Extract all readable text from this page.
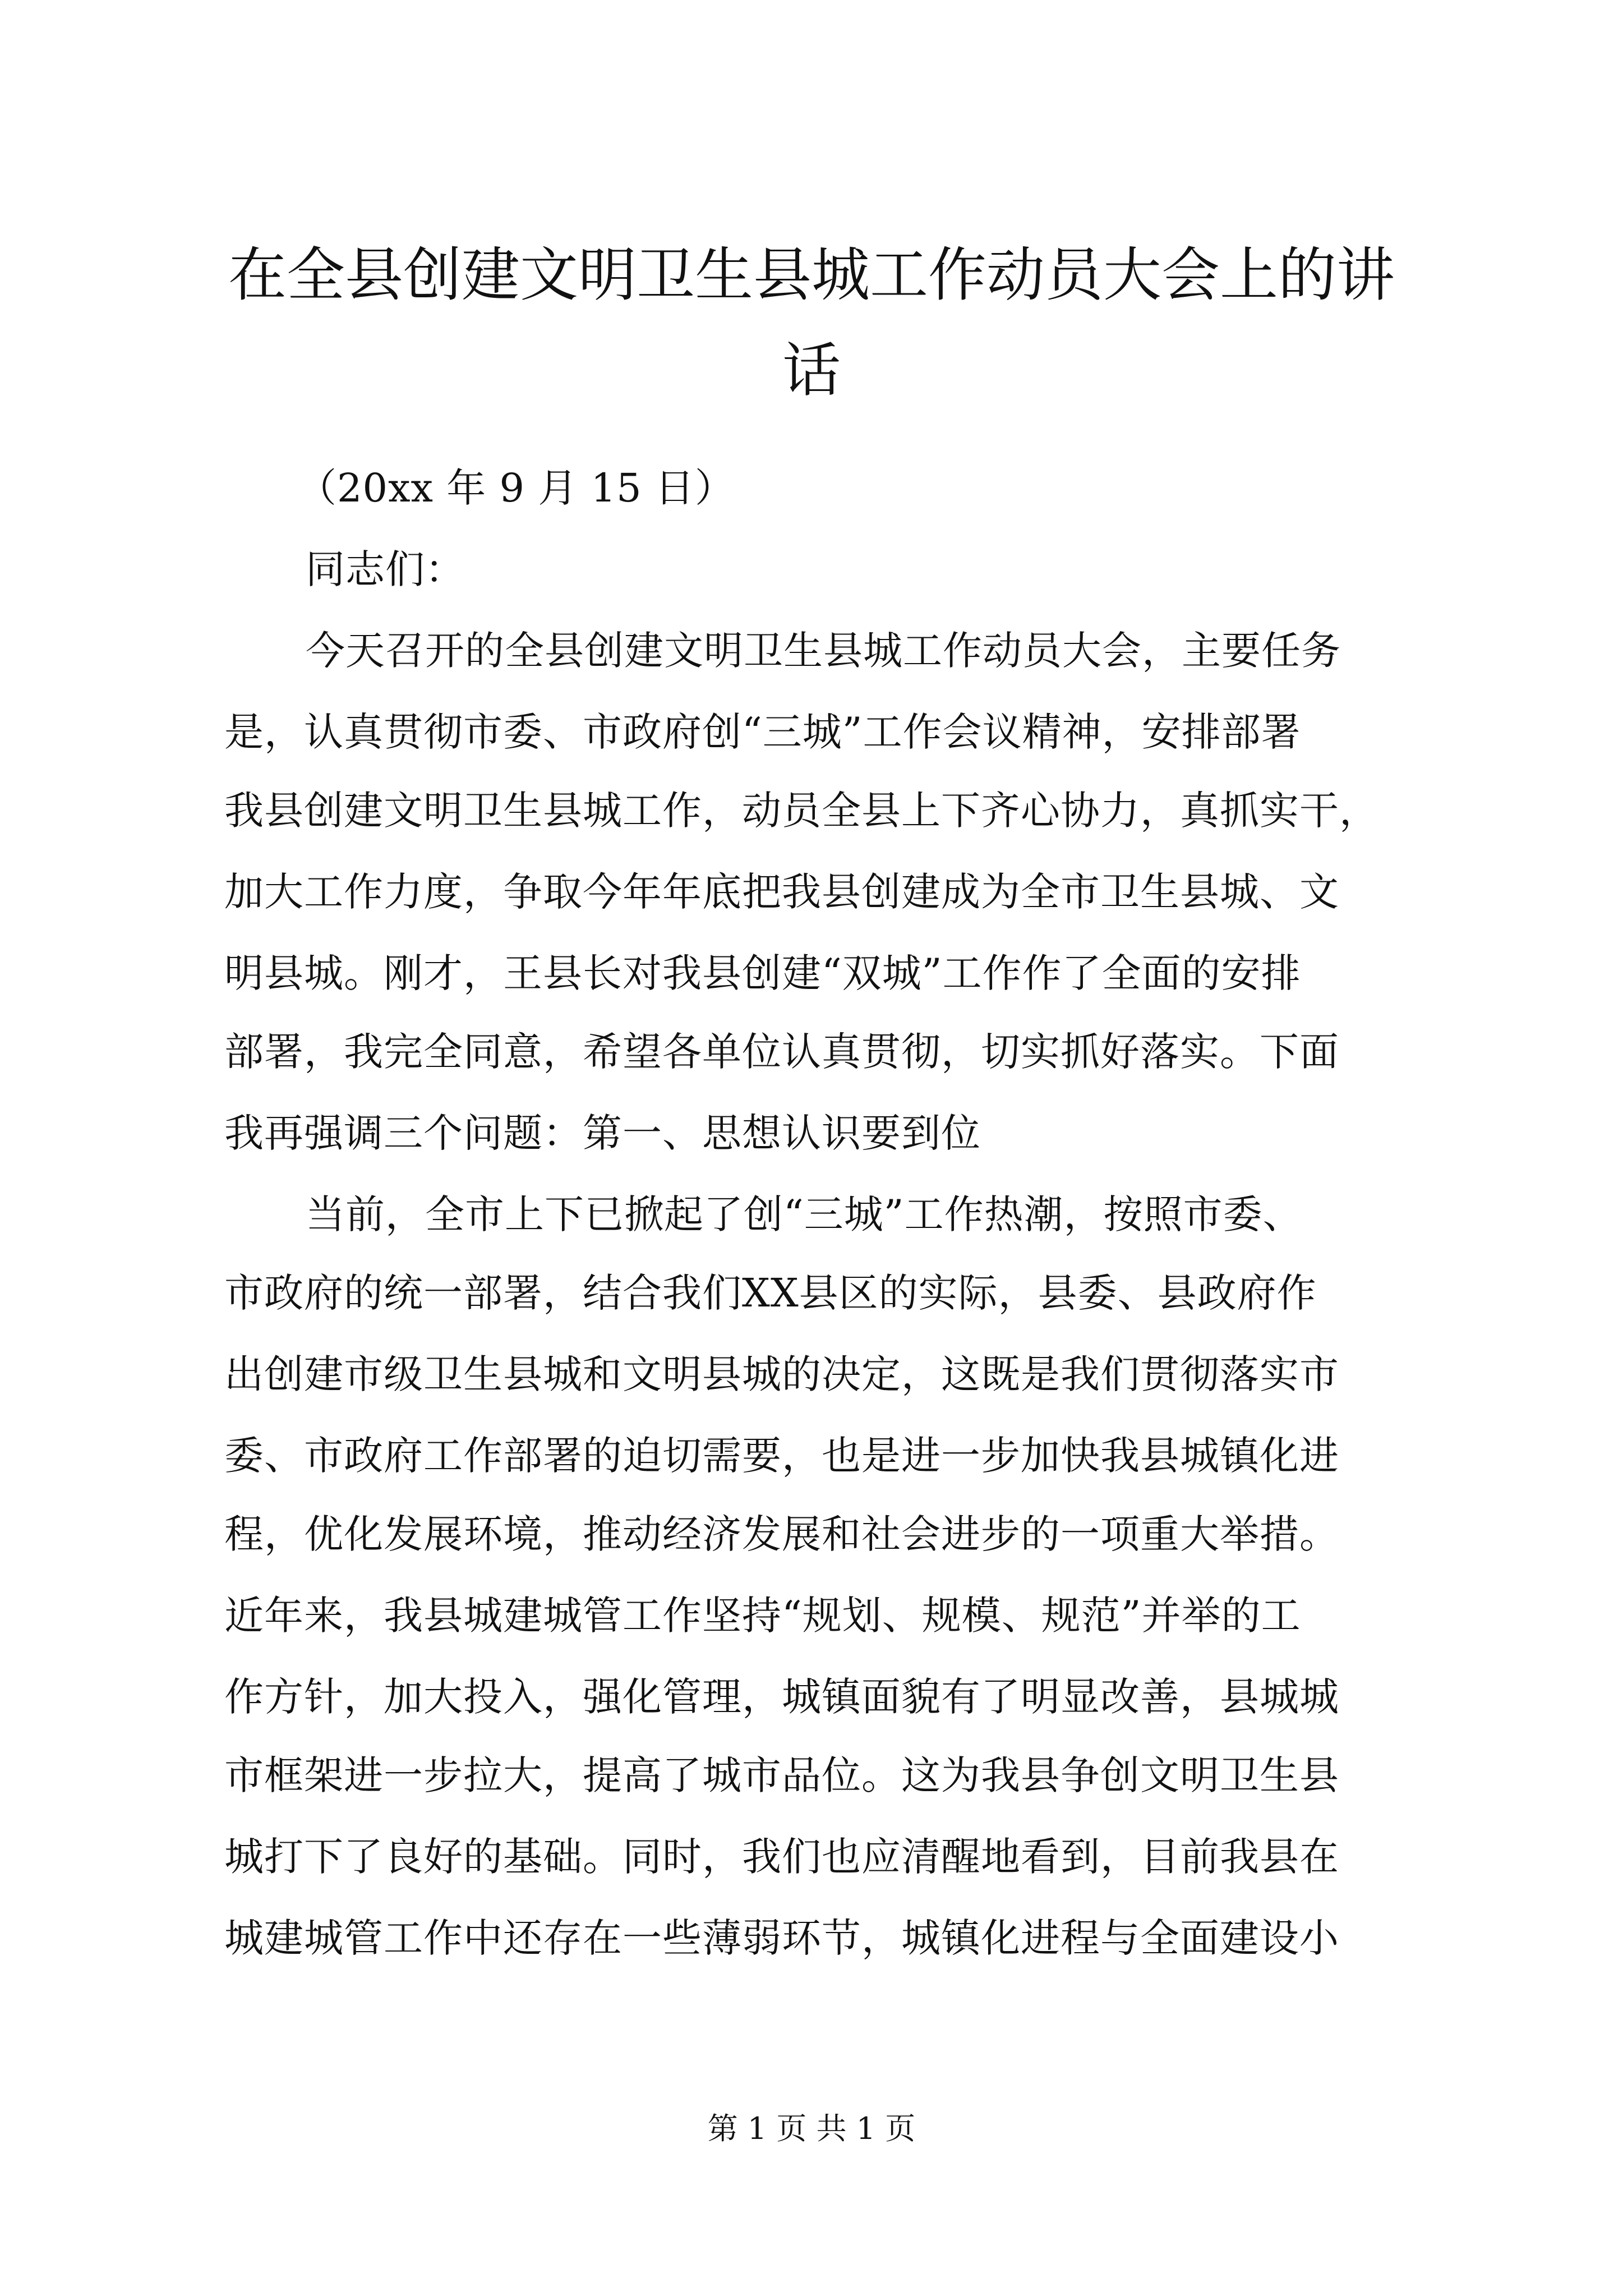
在全县创建文明卫生县城工作动员大会上的讲
话
（20xx 年 9 月 15 日）
同志们：
今天召开的全县创建文明卫生县城工作动员大会，主要任务
是，认真贯彻市委、市政府创“三城”工作会议精神，安排部署
我县创建文明卫生县城工作，动员全县上下齐心协力，真抓实干，
加大工作力度，争取今年年底把我县创建成为全市卫生县城、文
明县城。刚才，王县长对我县创建“双城”工作作了全面的安排
部署，我完全同意，希望各单位认真贯彻，切实抓好落实。下面
我再强调三个问题：第一、思想认识要到位
当前，全市上下已掀起了创“三城”工作热潮，按照市委、
市政府的统一部署，结合我们XX县区的实际，县委、县政府作
出创建市级卫生县城和文明县城的决定，这既是我们贯彻落实市
委、市政府工作部署的迫切需要，也是进一步加快我县城镇化进
程，优化发展环境，推动经济发展和社会进步的一项重大举措。
近年来，我县城建城管工作坚持“规划、规模、规范”并举的工
作方针，加大投入，强化管理，城镇面貌有了明显改善，县城城
市框架进一步拉大，提高了城市品位。这为我县争创文明卫生县
城打下了良好的基础。同时，我们也应清醒地看到，目前我县在
城建城管工作中还存在一些薄弱环节，城镇化进程与全面建设小
第 1 页 共 1 页
